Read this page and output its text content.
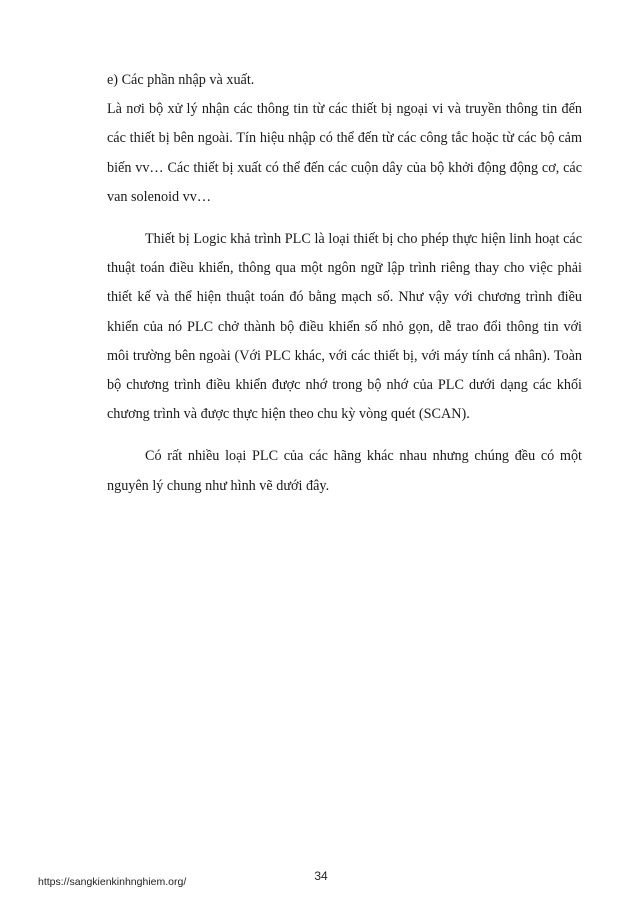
e) Các phần nhập và xuất.

Là nơi bộ xử lý nhận các thông tin từ các thiết bị ngoại vi và truyền thông tin đến các thiết bị bên ngoài. Tín hiệu nhập có thể đến từ các công tắc hoặc từ các bộ cảm biến vv… Các thiết bị xuất có thể đến các cuộn dây của bộ khởi động động cơ, các van solenoid vv…

Thiết bị Logic khả trình PLC là loại thiết bị cho phép thực hiện linh hoạt các thuật toán điều khiển, thông qua một ngôn ngữ lập trình riêng thay cho việc phải thiết kế và thể hiện thuật toán đó bằng mạch số. Như vậy với chương trình điều khiển của nó PLC chở thành bộ điều khiển số nhỏ gọn, dễ trao đổi thông tin với môi trường bên ngoài (Với PLC khác, với các thiết bị, với máy tính cá nhân). Toàn bộ chương trình điều khiển được nhớ trong bộ nhớ của PLC dưới dạng các khối chương trình và được thực hiện theo chu kỳ vòng quét (SCAN).

Có rất nhiều loại PLC của các hãng khác nhau nhưng chúng đều có một nguyên lý chung như hình vẽ dưới đây.

34
https://sangkienkinhnghiem.org/
